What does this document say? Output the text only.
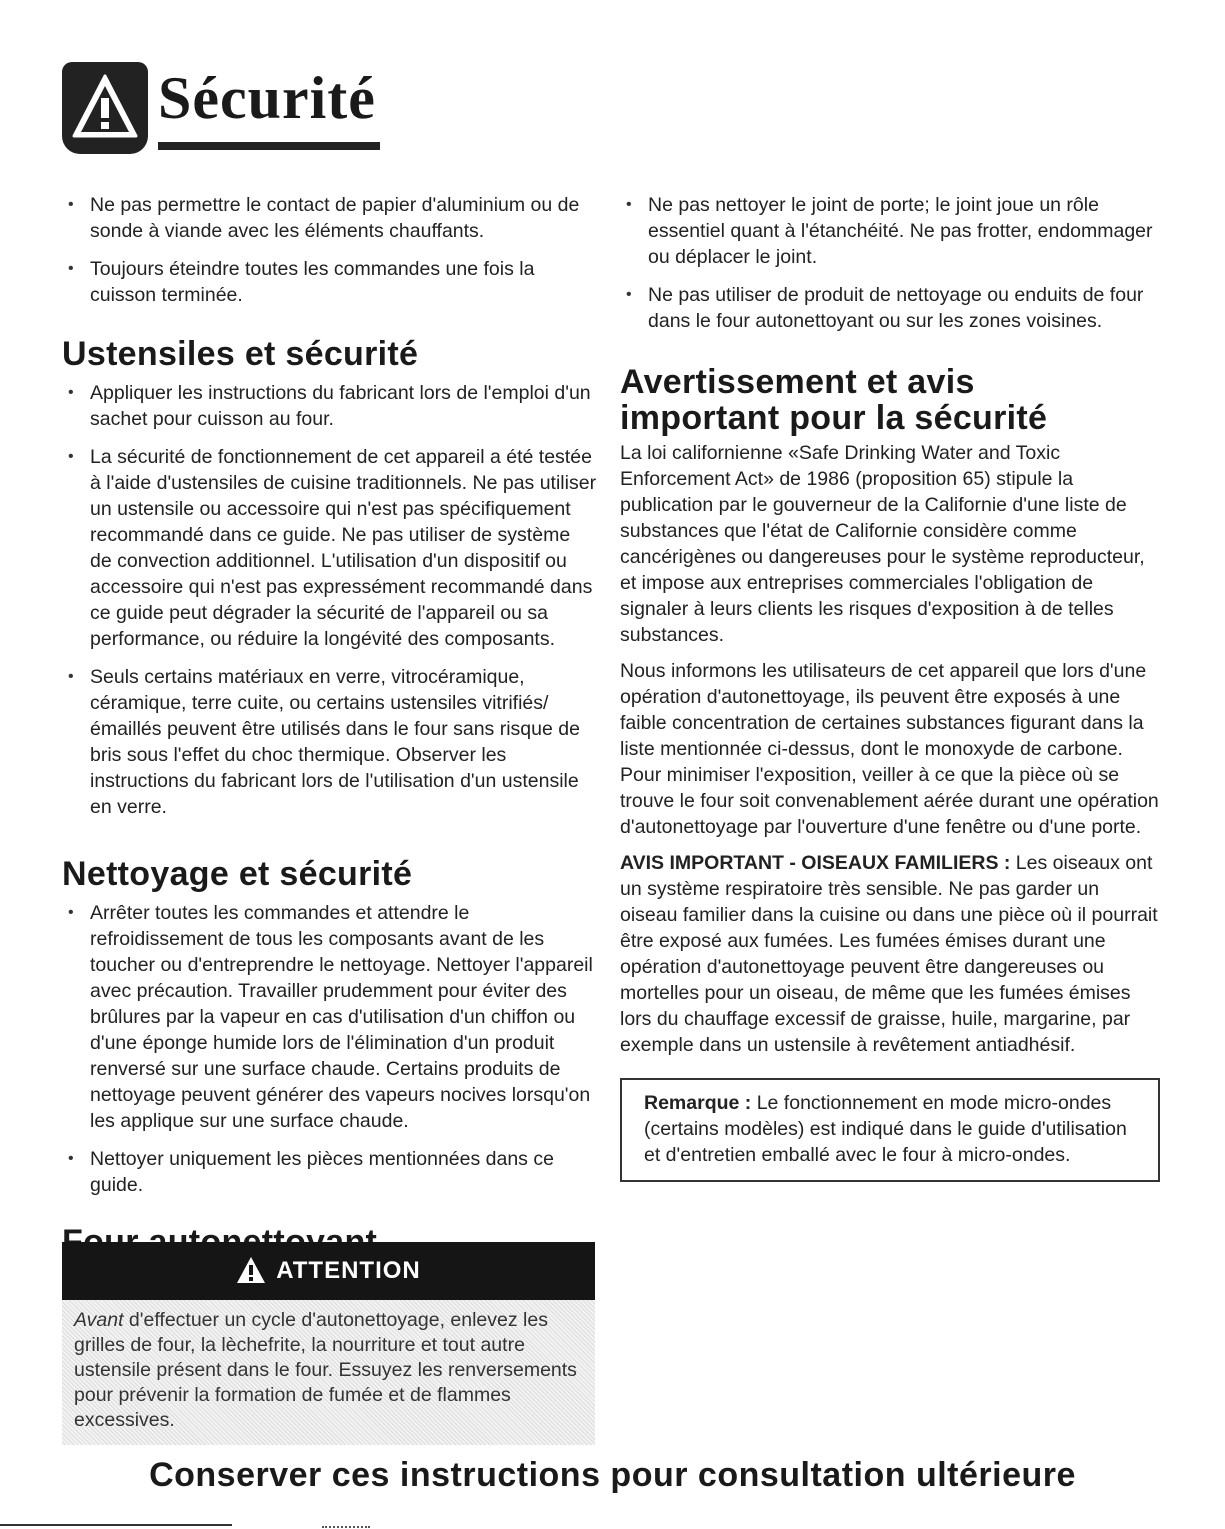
Sécurité
• Ne pas permettre le contact de papier d'aluminium ou de sonde à viande avec les éléments chauffants.
• Toujours éteindre toutes les commandes une fois la cuisson terminée.
Ustensiles et sécurité
• Appliquer les instructions du fabricant lors de l'emploi d'un sachet pour cuisson au four.
• La sécurité de fonctionnement de cet appareil a été testée à l'aide d'ustensiles de cuisine traditionnels. Ne pas utiliser un ustensile ou accessoire qui n'est pas spécifiquement recommandé dans ce guide. Ne pas utiliser de système de convection additionnel. L'utilisation d'un dispositif ou accessoire qui n'est pas expressément recommandé dans ce guide peut dégrader la sécurité de l'appareil ou sa performance, ou réduire la longévité des composants.
• Seuls certains matériaux en verre, vitrocéramique, céramique, terre cuite, ou certains ustensiles vitrifiés/émaillés peuvent être utilisés dans le four sans risque de bris sous l'effet du choc thermique. Observer les instructions du fabricant lors de l'utilisation d'un ustensile en verre.
Nettoyage et sécurité
• Arrêter toutes les commandes et attendre le refroidissement de tous les composants avant de les toucher ou d'entreprendre le nettoyage. Nettoyer l'appareil avec précaution. Travailler prudemment pour éviter des brûlures par la vapeur en cas d'utilisation d'un chiffon ou d'une éponge humide lors de l'élimination d'un produit renversé sur une surface chaude. Certains produits de nettoyage peuvent générer des vapeurs nocives lorsqu'on les applique sur une surface chaude.
• Nettoyer uniquement les pièces mentionnées dans ce guide.
ATTENTION
Avant d'effectuer un cycle d'autonettoyage, enlevez les grilles de four, la lèchefrite, la nourriture et tout autre ustensile présent dans le four. Essuyez les renversements pour prévenir la formation de fumée et de flammes excessives.
• Ne pas nettoyer le joint de porte; le joint joue un rôle essentiel quant à l'étanchéité. Ne pas frotter, endommager ou déplacer le joint.
• Ne pas utiliser de produit de nettoyage ou enduits de four dans le four autonettoyant ou sur les zones voisines.
Avertissement et avis
important pour la sécurité

La loi californienne «Safe Drinking Water and Toxic Enforcement Act» de 1986 (proposition 65) stipule la publication par le gouverneur de la Californie d'une liste de substances que l'état de Californie considère comme cancérigènes ou dangereuses pour le système reproducteur, et impose aux entreprises commerciales l'obligation de signaler à leurs clients les risques d'exposition à de telles substances.

Nous informons les utilisateurs de cet appareil que lors d'une opération d'autonettoyage, ils peuvent être exposés à une faible concentration de certaines substances figurant dans la liste mentionnée ci-dessus, dont le monoxyde de carbone. Pour minimiser l'exposition, veiller à ce que la pièce où se trouve le four soit convenablement aérée durant une opération d'autonettoyage par l'ouverture d'une fenêtre ou d'une porte.

AVIS IMPORTANT - OISEAUX FAMILIERS : Les oiseaux ont un système respiratoire très sensible. Ne pas garder un oiseau familier dans la cuisine ou dans une pièce où il pourrait être exposé aux fumées. Les fumées émises durant une opération d'autonettoyage peuvent être dangereuses ou mortelles pour un oiseau, de même que les fumées émises lors du chauffage excessif de graisse, huile, margarine, par exemple dans un ustensile à revêtement antiadhésif.

Remarque : Le fonctionnement en mode micro-ondes (certains modèles) est indiqué dans le guide d'utilisation et d'entretien emballé avec le four à micro-ondes.
Conserver ces instructions pour consultation ultérieure
